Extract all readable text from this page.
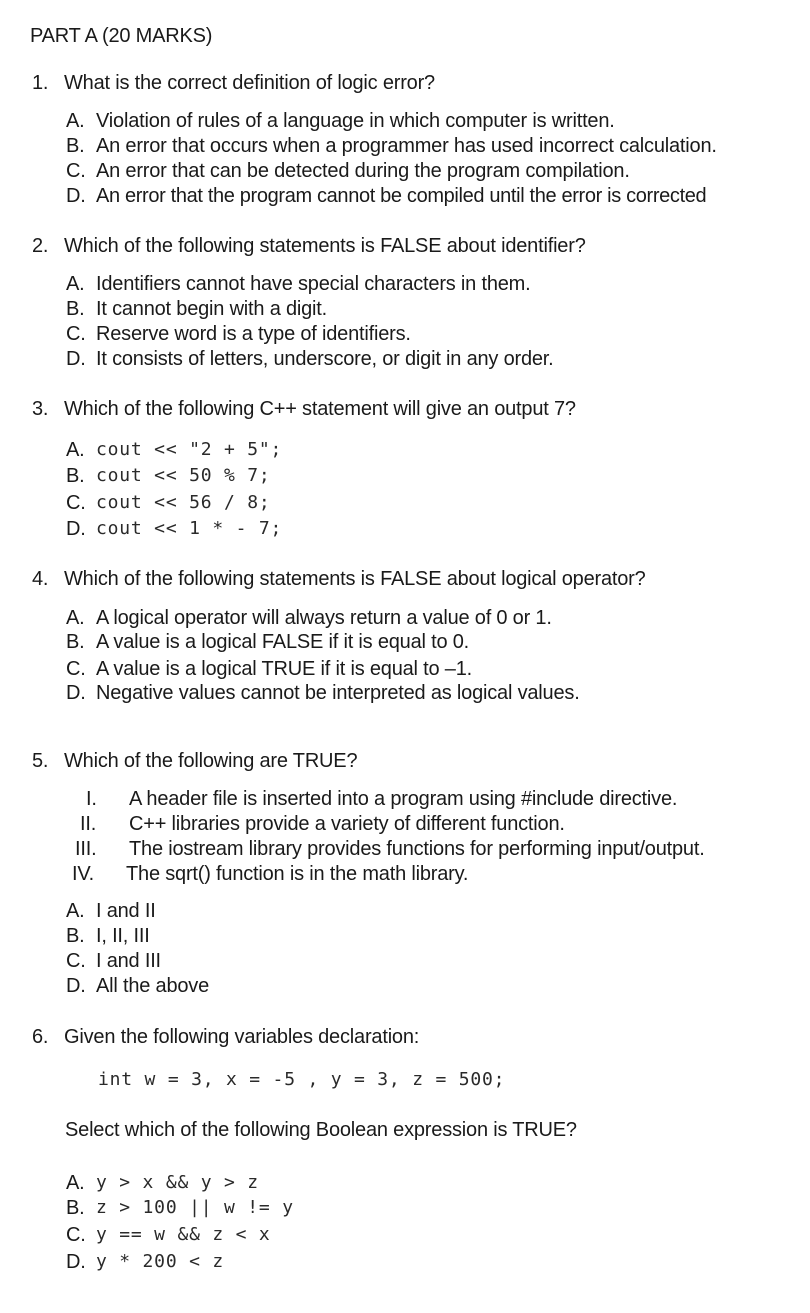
PART A (20 MARKS)
1. What is the correct definition of logic error?
A. Violation of rules of a language in which computer is written.
B. An error that occurs when a programmer has used incorrect calculation.
C. An error that can be detected during the program compilation.
D. An error that the program cannot be compiled until the error is corrected
2. Which of the following statements is FALSE about identifier?
A. Identifiers cannot have special characters in them.
B. It cannot begin with a digit.
C. Reserve word is a type of identifiers.
D. It consists of letters, underscore, or digit in any order.
3. Which of the following C++ statement will give an output 7?
A. cout << "2 + 5";
B. cout << 50 % 7;
C. cout << 56 / 8;
D. cout << 1 * - 7;
4. Which of the following statements is FALSE about logical operator?
A. A logical operator will always return a value of 0 or 1.
B. A value is a logical FALSE if it is equal to 0.
C. A value is a logical TRUE if it is equal to –1.
D. Negative values cannot be interpreted as logical values.
5. Which of the following are TRUE?
I. A header file is inserted into a program using #include directive.
II. C++ libraries provide a variety of different function.
III. The iostream library provides functions for performing input/output.
IV. The sqrt() function is in the math library.
A. I and II
B. I, II, III
C. I and III
D. All the above
6. Given the following variables declaration:
int w = 3, x = -5 , y = 3, z = 500;
Select which of the following Boolean expression is TRUE?
A. y > x && y > z
B. z > 100 || w != y
C. y == w && z < x
D. y * 200 < z
